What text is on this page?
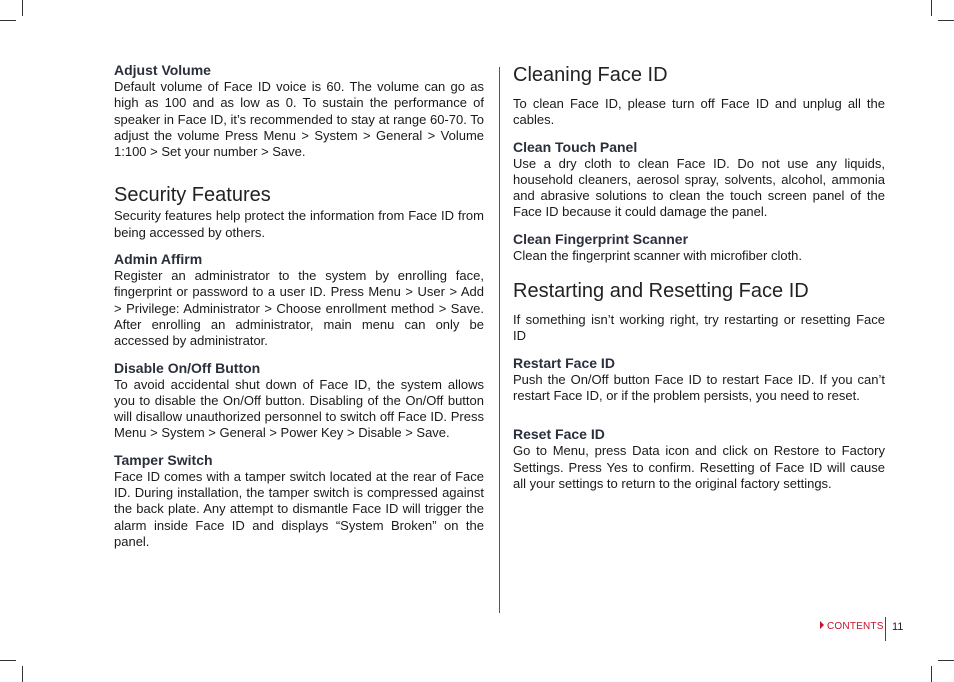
Adjust Volume

Default volume of Face ID voice is 60. The volume can go as high as 100 and as low as 0. To sustain the performance of speaker in Face ID, it’s recommended to stay at range 60-70. To adjust the volume Press Menu > System > General > Volume 1:100 > Set your number > Save.

Security Features

Security features help protect the information from Face ID from being accessed by others.

Admin Affirm

Register an administrator to the system by enrolling face, fingerprint or password to a user ID. Press Menu > User > Add > Privilege: Administrator > Choose enrollment method > Save. After enrolling an administrator, main menu can only be accessed by administrator.

Disable On/Off Button

To avoid accidental shut down of Face ID, the system allows you to disable the On/Off button. Disabling of the On/Off button will disallow unauthorized personnel to switch off Face ID. Press Menu > System > General > Power Key > Disable > Save.

Tamper Switch

Face ID comes with a tamper switch located at the rear of Face ID. During installation, the tamper switch is compressed against the back plate. Any attempt to dismantle Face ID will trigger the alarm inside Face ID and displays “System Broken” on the panel.

Cleaning Face ID

To clean Face ID, please turn off Face ID and unplug all the cables.

Clean Touch Panel

Use a dry cloth to clean Face ID. Do not use any liquids, household cleaners, aerosol spray, solvents, alcohol, ammonia and abrasive solutions to clean the touch screen panel of the Face ID because it could damage the panel.

Clean Fingerprint Scanner

Clean the fingerprint scanner with microfiber cloth.

Restarting and Resetting Face ID

If something isn’t working right, try restarting or resetting Face ID

Restart Face ID

Push the On/Off button Face ID to restart Face ID. If you can’t restart Face ID, or if the problem persists, you need to reset.

Reset Face ID

Go to Menu, press Data icon and click on Restore to Factory Settings. Press Yes to confirm. Resetting of Face ID will cause all your settings to return to the original factory settings.

CONTENTS 11
